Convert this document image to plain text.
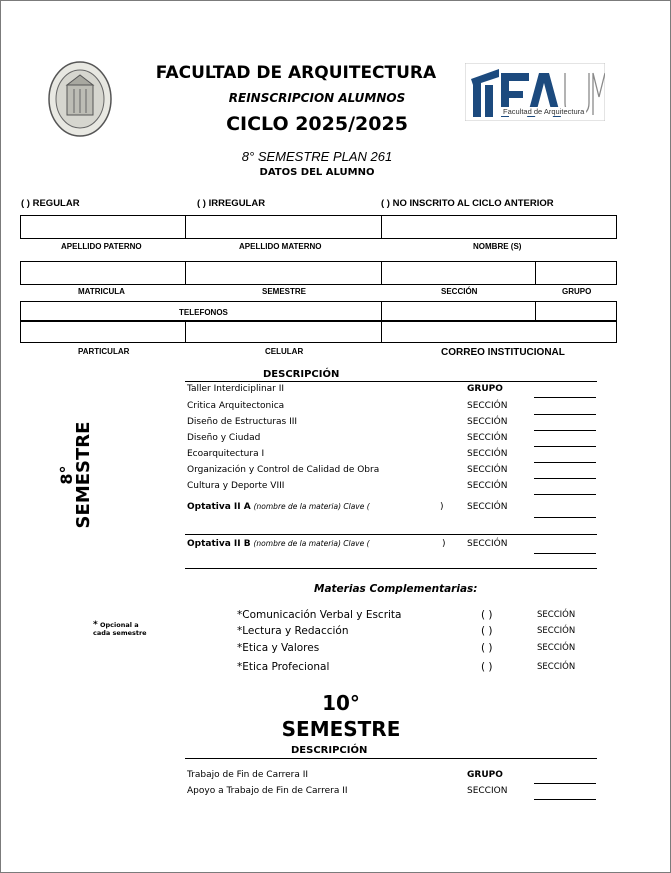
FACULTAD DE ARQUITECTURA
REINSCRIPCION ALUMNOS
CICLO 2025/2025
8° SEMESTRE PLAN 261
DATOS DEL ALUMNO
Facultad de Arquitectura
( ) REGULAR	( ) IRREGULAR	( ) NO INSCRITO AL CICLO ANTERIOR
APELLIDO PATERNO	APELLIDO MATERNO	NOMBRE (S)
MATRICULA	SEMESTRE	SECCIÓN	GRUPO
TELEFONOS
PARTICULAR	CELULAR	CORREO INSTITUCIONAL
8°
SEMESTRE
DESCRIPCIÓN
Taller Interdiciplinar II	GRUPO
Critica Arquitectonica	SECCIÓN
Diseño de Estructuras III	SECCIÓN
Diseño y Ciudad	SECCIÓN
Ecoarquitectura I	SECCIÓN
Organización y Control de Calidad de Obra	SECCIÓN
Cultura y Deporte VIII	SECCIÓN
Optativa II A (nombre de la materia) Clave (	)	SECCIÓN
Optativa II B (nombre de la materia) Clave (	) SECCIÓN
Materias Complementarias:
* Opcional a
cada semestre
*Comunicación Verbal y Escrita	( )	SECCIÓN
*Lectura y Redacción	( )	SECCIÓN
*Etica y Valores	( )	SECCIÓN
*Etica Profecional	( )	SECCIÓN
10°
SEMESTRE
DESCRIPCIÓN
Trabajo de Fin de Carrera II	GRUPO
Apoyo a Trabajo de Fin de Carrera II	SECCION
